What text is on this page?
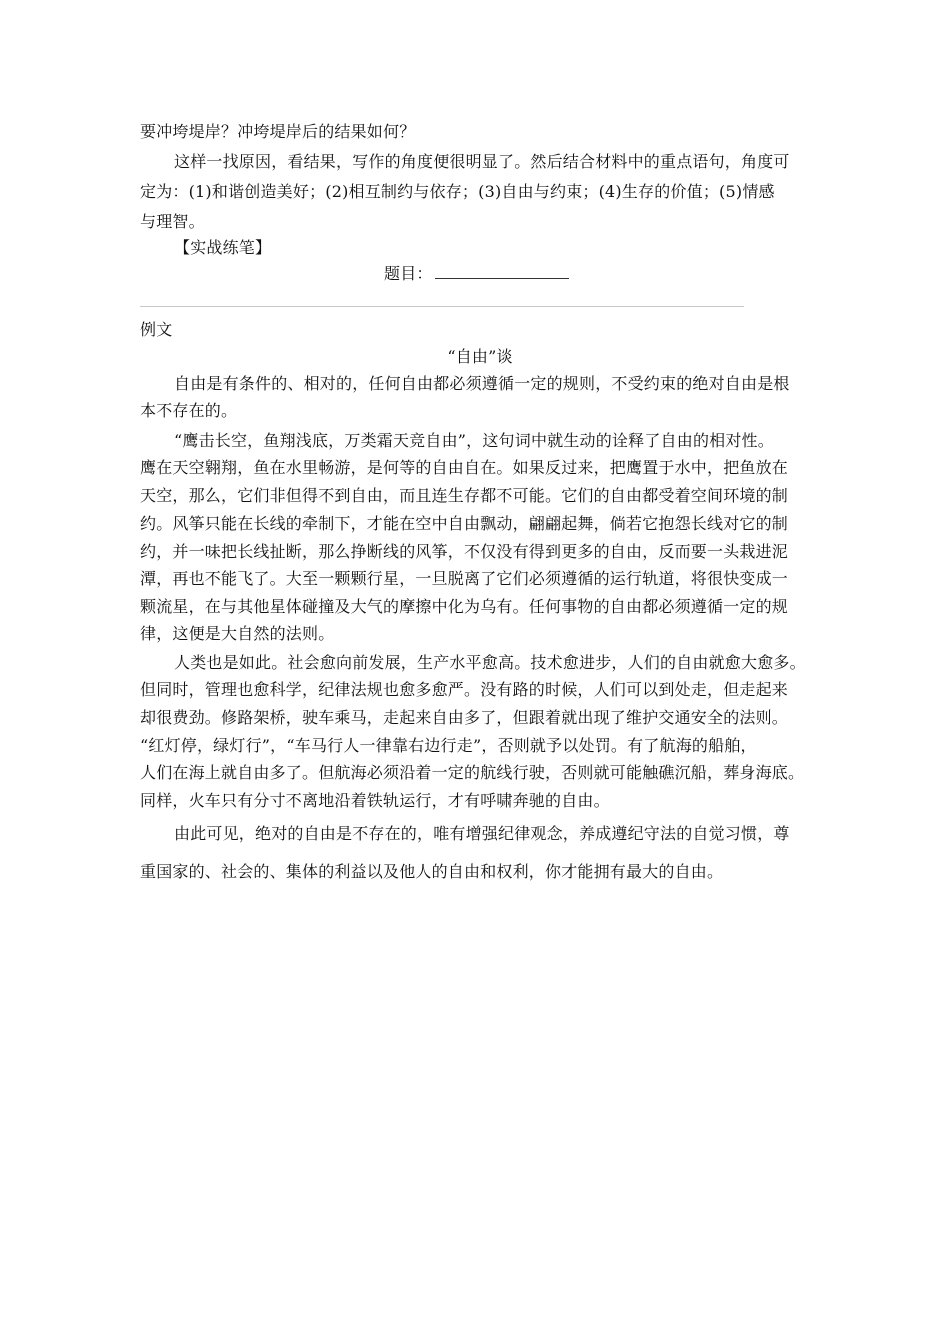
要冲垮堤岸？冲垮堤岸后的结果如何？
这样一找原因，看结果，写作的角度便很明显了。然后结合材料中的重点语句，角度可
定为：(1)和谐创造美好；(2)相互制约与依存；(3)自由与约束；(4)生存的价值；(5)情感
与理智。
【实战练笔】
题目：
例文
“自由”谈
自由是有条件的、相对的，任何自由都必须遵循一定的规则，不受约束的绝对自由是根
本不存在的。
“鹰击长空，鱼翔浅底，万类霜天竞自由”，这句词中就生动的诠释了自由的相对性。
鹰在天空翱翔，鱼在水里畅游，是何等的自由自在。如果反过来，把鹰置于水中，把鱼放在
天空，那么，它们非但得不到自由，而且连生存都不可能。它们的自由都受着空间环境的制
约。风筝只能在长线的牵制下，才能在空中自由飘动，翩翩起舞，倘若它抱怨长线对它的制
约，并一味把长线扯断，那么挣断线的风筝，不仅没有得到更多的自由，反而要一头栽进泥
潭，再也不能飞了。大至一颗颗行星，一旦脱离了它们必须遵循的运行轨道，将很快变成一
颗流星，在与其他星体碰撞及大气的摩擦中化为乌有。任何事物的自由都必须遵循一定的规
律，这便是大自然的法则。
人类也是如此。社会愈向前发展，生产水平愈高。技术愈进步，人们的自由就愈大愈多。
但同时，管理也愈科学，纪律法规也愈多愈严。没有路的时候，人们可以到处走，但走起来
却很费劲。修路架桥，驶车乘马，走起来自由多了，但跟着就出现了维护交通安全的法则。
“红灯停，绿灯行”，“车马行人一律靠右边行走”，否则就予以处罚。有了航海的船舶，
人们在海上就自由多了。但航海必须沿着一定的航线行驶，否则就可能触礁沉船，葬身海底。
同样，火车只有分寸不离地沿着铁轨运行，才有呼啸奔驰的自由。
由此可见，绝对的自由是不存在的，唯有增强纪律观念，养成遵纪守法的自觉习惯，尊
重国家的、社会的、集体的利益以及他人的自由和权利，你才能拥有最大的自由。
